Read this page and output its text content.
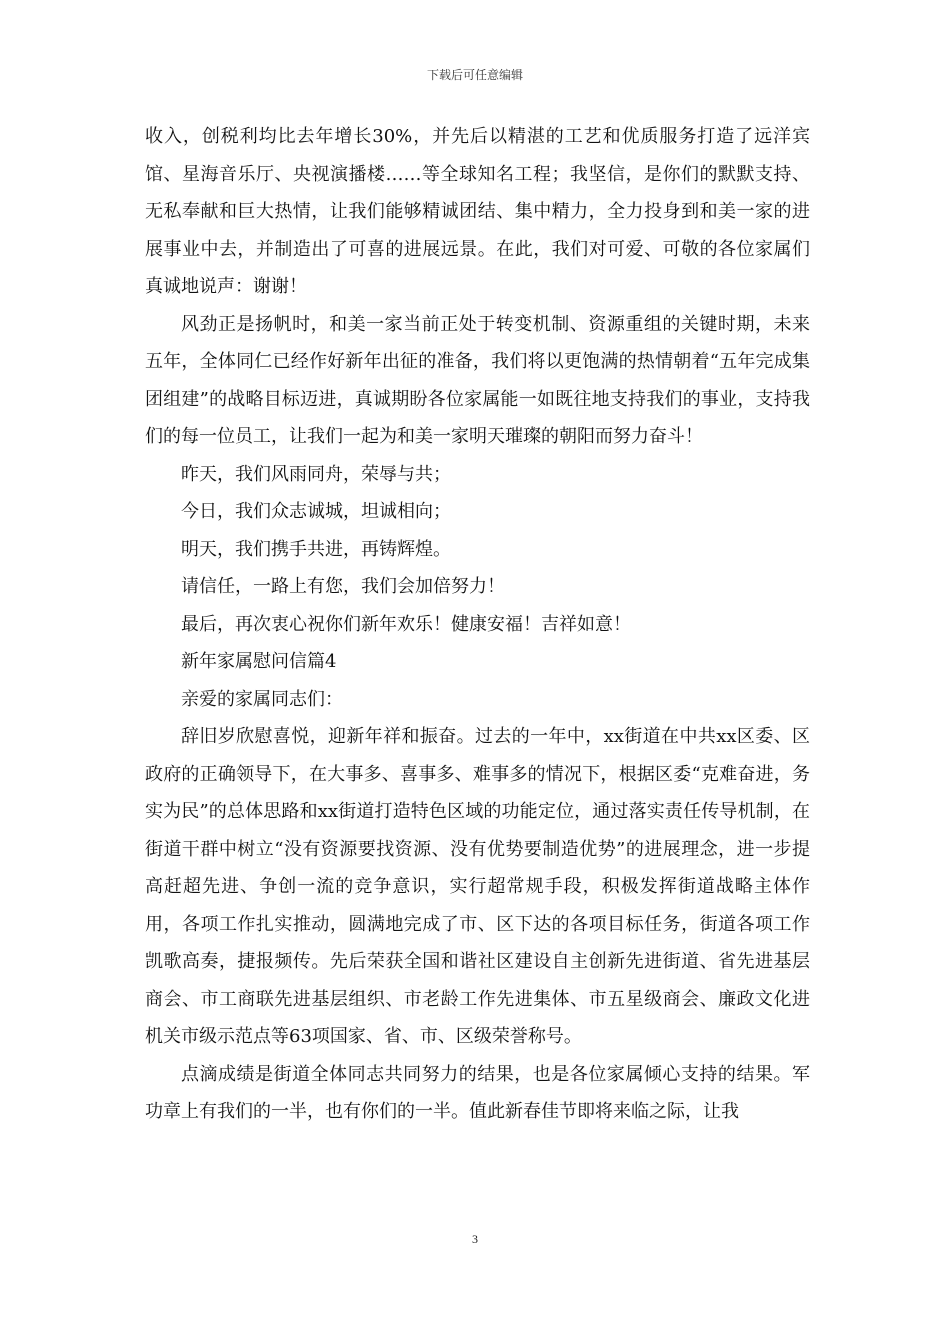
下载后可任意编辑

收入，创税利均比去年增长30%，并先后以精湛的工艺和优质服务打造了远洋宾馆、星海音乐厅、央视演播楼……等全球知名工程；我坚信，是你们的默默支持、无私奉献和巨大热情，让我们能够精诚团结、集中精力，全力投身到和美一家的进展事业中去，并制造出了可喜的进展远景。在此，我们对可爱、可敬的各位家属们真诚地说声：谢谢！

风劲正是扬帆时，和美一家当前正处于转变机制、资源重组的关键时期，未来五年，全体同仁已经作好新年出征的准备，我们将以更饱满的热情朝着“五年完成集团组建”的战略目标迈进，真诚期盼各位家属能一如既往地支持我们的事业，支持我们的每一位员工，让我们一起为和美一家明天璀璨的朝阳而努力奋斗！

昨天，我们风雨同舟，荣辱与共；

今日，我们众志诚城，坦诚相向；

明天，我们携手共进，再铸辉煌。

请信任，一路上有您，我们会加倍努力！

最后，再次衷心祝你们新年欢乐！健康安福！吉祥如意！

新年家属慰问信篇4

亲爱的家属同志们：

辞旧岁欣慰喜悦，迎新年祥和振奋。过去的一年中，xx街道在中共xx区委、区政府的正确领导下，在大事多、喜事多、难事多的情况下，根据区委“克难奋进，务实为民”的总体思路和xx街道打造特色区域的功能定位，通过落实责任传导机制，在街道干群中树立“没有资源要找资源、没有优势要制造优势”的进展理念，进一步提高赶超先进、争创一流的竞争意识，实行超常规手段，积极发挥街道战略主体作用，各项工作扎实推动，圆满地完成了市、区下达的各项目标任务，街道各项工作凯歌高奏，捷报频传。先后荣获全国和谐社区建设自主创新先进街道、省先进基层商会、市工商联先进基层组织、市老龄工作先进集体、市五星级商会、廉政文化进机关市级示范点等63项国家、省、市、区级荣誉称号。

点滴成绩是街道全体同志共同努力的结果，也是各位家属倾心支持的结果。军功章上有我们的一半，也有你们的一半。值此新春佳节即将来临之际，让我

3
